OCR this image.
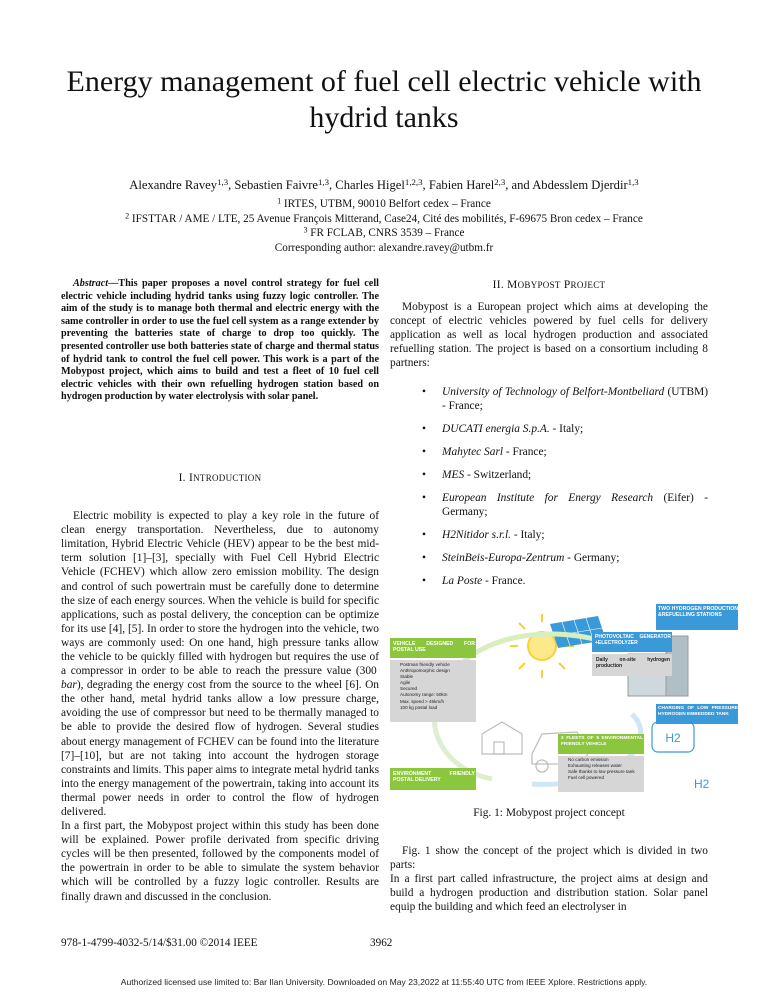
Energy management of fuel cell electric vehicle with hydrid tanks
Alexandre Ravey$^{1,3}$, Sebastien Faivre$^{1,3}$, Charles Higel$^{1,2,3}$, Fabien Harel$^{2,3}$, and Abdesslem Djerdir$^{1,3}$
$^1$ IRTES, UTBM, 90010 Belfort cedex – France
$^2$ IFSTTAR / AME / LTE, 25 Avenue François Mitterand, Case24, Cité des mobilités, F-69675 Bron cedex – France
$^3$ FR FCLAB, CNRS 3539 – France
Corresponding author: alexandre.ravey@utbm.fr

Abstract—This paper proposes a novel control strategy for fuel cell electric vehicle including hydrid tanks using fuzzy logic controller. The aim of the study is to manage both thermal and electric energy with the same controller in order to use the fuel cell system as a range extender by preventing the batteries state of charge to drop too quickly. The presented controller use both batteries state of charge and thermal status of hydrid tank to control the fuel cell power. This work is a part of the Mobypost project, which aims to build and test a fleet of 10 fuel cell electric vehicles with their own refuelling hydrogen station based on hydrogen production by water electrolysis with solar panel.

I. INTRODUCTION

Electric mobility is expected to play a key role in the future of clean energy transportation. Nevertheless, due to autonomy limitation, Hybrid Electric Vehicle (HEV) appear to be the best mid-term solution [1]–[3], specially with Fuel Cell Hybrid Electric Vehicle (FCHEV) which allow zero emission mobility. The design and control of such powertrain must be carefully done to determine the size of each energy sources. When the vehicle is build for specific applications, such as postal delivery, the conception can be optimize for its use [4], [5]. In order to store the hydrogen into the vehicle, two ways are commonly used: On one hand, high pressure tanks allow the vehicle to be quickly filled with hydrogen but requires the use of a compressor in order to be able to reach the pressure value (300 bar), degrading the energy cost from the source to the wheel [6]. On the other hand, metal hydrid tanks allow a low pressure charge, avoiding the use of compressor but need to be thermally managed to be able to provide the desired flow of hydrogen. Several studies about energy management of FCHEV can be found into the literature [7]–[10], but are not taking into account the hydrogen storage constraints and limits. This paper aims to integrate metal hydrid tanks into the energy management of the powertrain, taking into account its thermal power needs in order to control the flow of hydrogen delivered.

In a first part, the Mobypost project within this study has been done will be explained. Power profile derivated from specific driving cycles will be then presented, followed by the components model of the powertrain in order to be able to simulate the system behavior which will be controlled by a fuzzy logic controller. Results are finally drawn and discussed in the conclusion.

II. MOBYPOST PROJECT

Mobypost is a European project which aims at developing the concept of electric vehicles powered by fuel cells for delivery application as well as local hydrogen production and associated refuelling station. The project is based on a consortium including 8 partners:

• University of Technology of Belfort-Montbeliard (UTBM) - France;
• DUCATI energia S.p.A. - Italy;
• Mahytec Sarl - France;
• MES - Switzerland;
• European Institute for Energy Research (Eifer) - Germany;
• H2Nitidor s.r.l. - Italy;
• SteinBeis-Europa-Zentrum - Germany;
• La Poste - France.
H2
H2
TWO HYDROGEN PRODUCTION &REFUELLING STATIONS
VEHICLE DESIGNED FOR POSTAL USE
• Postman friendly vehicle
• Anthropomorphic design
• Stable
• Agile
• Secured
• Autonomy range: 50km
• Max. speed > 45km/h
• 100 kg postal load
PHOTOVOLTAIC GENERATOR +ELECTROLYZER
Daily on-site hydrogen production
CHARGING OF LOW PRESSURE HYDROGEN EMBEDDED TANK
2 FLEETS OF 5 ENVIRONMENTAL FRIENDLY VEHICLE
• No carbon emission
• Exhausting releases water
• Safe thanks to low pressure tank
• Fuel cell powered
ENVIRONMENT FRIENDLY POSTAL DELIVERY

Fig. 1: Mobypost project concept

Fig. 1 show the concept of the project which is divided in two parts:

In a first part called infrastructure, the project aims at design and build a hydrogen production and distribution station. Solar panel equip the building and which feed an electrolyser in

978-1-4799-4032-5/14/$31.00 ©2014 IEEE	3962
Authorized licensed use limited to: Bar Ilan University. Downloaded on May 23,2022 at 11:55:40 UTC from IEEE Xplore. Restrictions apply.
